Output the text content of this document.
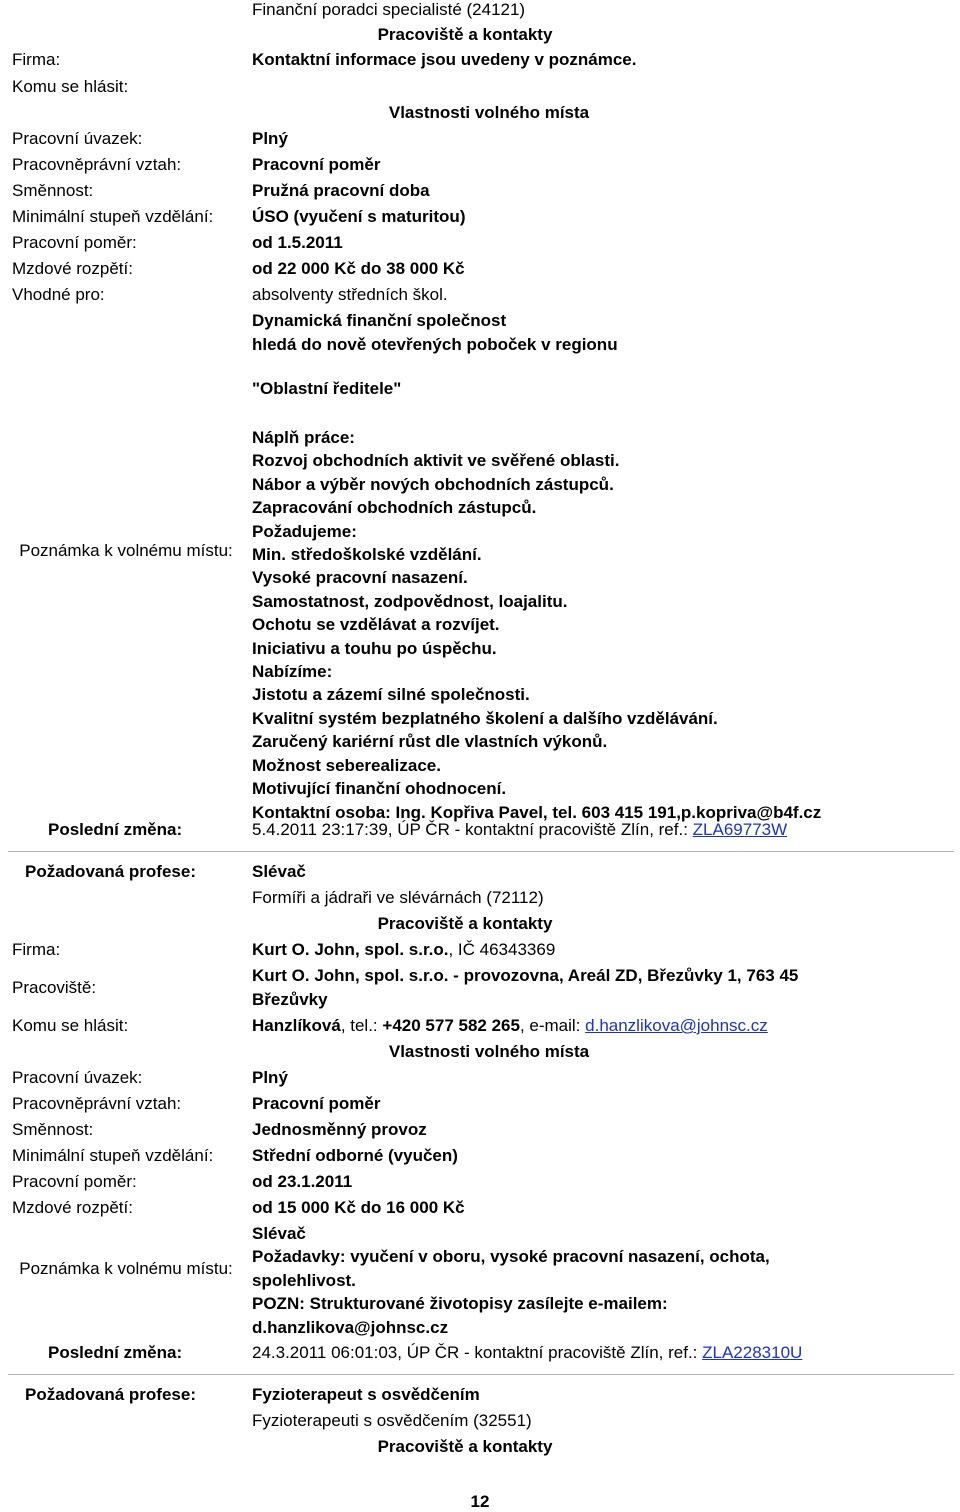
Finanční poradci specialisté (24121)
Pracoviště a kontakty
Firma:	Kontaktní informace jsou uvedeny v poznámce.
Komu se hlásit:
Vlastnosti volného místa
Pracovní úvazek:	Plný
Pracovněprávní vztah:	Pracovní poměr
Směnnost:	Pružná pracovní doba
Minimální stupeň vzdělání: ÚSO (vyučení s maturitou)
Pracovní poměr:	od 1.5.2011
Mzdové rozpětí:	od 22 000 Kč do 38 000 Kč
Vhodné pro:	absolventy středních škol.
Dynamická finanční společnost
hledá do nově otevřených poboček v regionu
"Oblastní ředitele"
Poznámka k volnému místu:
Náplň práce:
Rozvoj obchodních aktivit ve svěřené oblasti.
Nábor a výběr nových obchodních zástupců.
Zapracování obchodních zástupců.
Požadujeme:
Min. středoškolské vzdělání.
Vysoké pracovní nasazení.
Samostatnost, zodpovědnost, loajalitu.
Ochotu se vzdělávat a rozvíjet.
Iniciativu a touhu po úspěchu.
Nabízíme:
Jistotu a zázemí silné společnosti.
Kvalitní systém bezplatného školení a dalšího vzdělávání.
Zaručený kariérní růst dle vlastních výkonů.
Možnost seberealizace.
Motivující finanční ohodnocení.
Kontaktní osoba: Ing. Kopřiva Pavel, tel. 603 415 191,p.kopriva@b4f.cz
Poslední změna:	5.4.2011 23:17:39, ÚP ČR - kontaktní pracoviště Zlín, ref.: ZLA69773W
Požadovaná profese:	Slévač
Formíři a jádraři ve slévárnách (72112)
Pracoviště a kontakty
Firma:	Kurt O. John, spol. s.r.o., IČ 46343369
Pracoviště:
Kurt O. John, spol. s.r.o. - provozovna, Areál ZD, Březůvky 1, 763 45
Březůvky
Komu se hlásit:	Hanzlíková, tel.: +420 577 582 265, e-mail: d.hanzlikova@johnsc.cz
Vlastnosti volného místa
Pracovní úvazek:	Plný
Pracovněprávní vztah:	Pracovní poměr
Směnnost:	Jednosměnný provoz
Minimální stupeň vzdělání: Střední odborné (vyučen)
Pracovní poměr:	od 23.1.2011
Mzdové rozpětí:	od 15 000 Kč do 16 000 Kč
Poznámka k volnému místu:
Slévač
Požadavky: vyučení v oboru, vysoké pracovní nasazení, ochota,
spolehlivost.
POZN: Strukturované životopisy zasílejte e-mailem:
d.hanzlikova@johnsc.cz
Poslední změna:	24.3.2011 06:01:03, ÚP ČR - kontaktní pracoviště Zlín, ref.: ZLA228310U
Požadovaná profese:	Fyzioterapeut s osvědčením
Fyzioterapeuti s osvědčením (32551)
Pracoviště a kontakty
12
